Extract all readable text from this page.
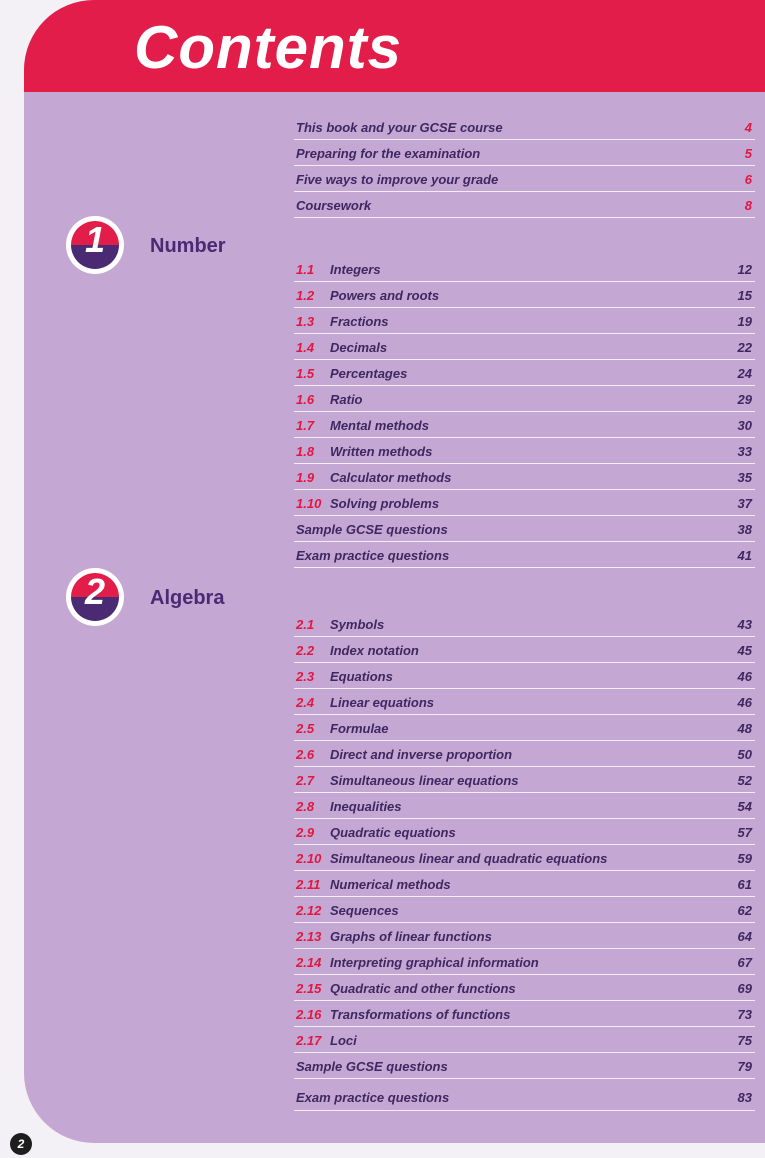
Contents
This book and your GCSE course	4
Preparing for the examination	5
Five ways to improve your grade	6
Coursework	8
1	Number
1.1 Integers	12
1.2 Powers and roots	15
1.3 Fractions	19
1.4 Decimals	22
1.5 Percentages	24
1.6 Ratio	29
1.7 Mental methods	30
1.8 Written methods	33
1.9 Calculator methods	35
1.10 Solving problems	37
Sample GCSE questions	38
Exam practice questions	41
2	Algebra
2.1 Symbols	43
2.2 Index notation	45
2.3 Equations	46
2.4 Linear equations	46
2.5 Formulae	48
2.6 Direct and inverse proportion	50
2.7 Simultaneous linear equations	52
2.8 Inequalities	54
2.9 Quadratic equations	57
2.10 Simultaneous linear and quadratic equations	59
2.11 Numerical methods	61
2.12 Sequences	62
2.13 Graphs of linear functions	64
2.14 Interpreting graphical information	67
2.15 Quadratic and other functions	69
2.16 Transformations of functions	73
2.17 Loci	75
Sample GCSE questions	79
Exam practice questions	83
2
